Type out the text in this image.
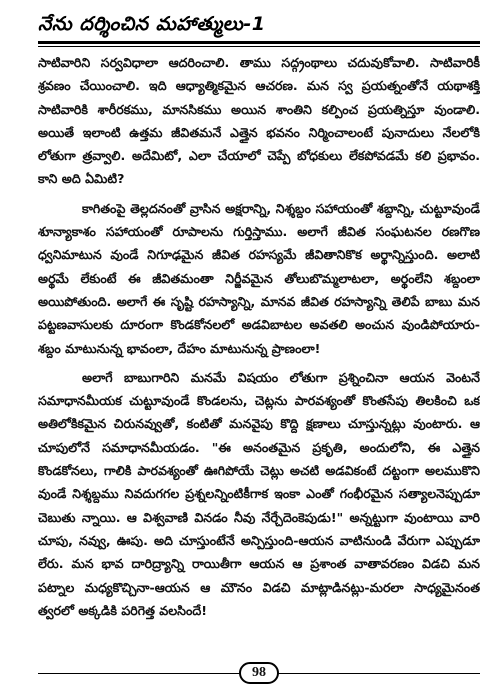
నేను దర్శించిన మహాత్ములు-1

సాటివారిని సర్వవిధాలా ఆదరించాలి. తాము సద్గ్రంథాలు చదువుకోవాలి. సాటివారికీ శ్రవణం చేయించాలి. ఇది ఆధ్యాత్మికమైన ఆచరణ. మన స్వ ప్రయత్నంతోనే యథాశక్తి సాటివారికి శారీరకము, మానసికము అయిన శాంతిని కల్పించ ప్రయత్నిస్తూ వుండాలి. అయితే ఇలాంటి ఉత్తమ జీవితమనే ఎత్తైన భవనం నిర్మించాలంటే పునాదులు నేలలోకి లోతుగా త్రవ్వాలి. అదేమిటో, ఎలా చేయాలో చెప్పే బోధకులు లేకపోవడమే కలి ప్రభావం. కాని అది ఏమిటి?

కాగితంపై తెల్లదనంతో వ్రాసిన అక్షరాన్ని, నిశ్శబ్దం సహాయంతో శబ్దాన్ని, చుట్టూవుండే శూన్యాకాశం సహాయంతో రూపాలను గుర్తిస్తాము. అలాగే జీవిత సంఘటనల రణగొణ ధ్వనిమాటున వుండే నిగూఢమైన జీవిత రహస్యమే జీవితానికొక అర్థాన్నిస్తుంది. అలాటి అర్థమే లేకుంటే ఈ జీవితమంతా నిర్జీవమైన తోలుబొమ్మలాటలా, అర్థంలేని శబ్దంలా అయిపోతుంది. అలాగే ఈ సృష్టి రహస్యాన్ని, మానవ జీవిత రహస్యాన్ని తెలిపే బాబు మన పట్టణవాసులకు దూరంగా కొండకోనలలో అడవిబాటల అవతలి అంచున వుండిపోయారు-శబ్దం మాటునున్న భావంలా, దేహం మాటునున్న ప్రాణంలా!

అలాగే బాబుగారిని మనమే విషయం లోతుగా ప్రశ్నించినా ఆయన వెంటనే సమాధానమీయక చుట్టూవుండే కొండలను, చెట్లను పారవశ్యంతో కొంతసేపు తిలకించి ఒక అతిలోకికమైన చిరునవ్వుతో, కంటితో మనవైపు కొద్ది క్షణాలు చూస్తున్నట్లు వుంటారు. ఆ చూపులోనే సమాధానమీయడం. "ఈ అనంతమైన ప్రకృతి, అందులోని, ఈ ఎత్తైన కొండకోనలు, గాలికి పారవశ్యంతో ఊగిపోయే చెట్లు అచటి అడవికంటే దట్టంగా అలముకొని వుండే నిశ్శబ్దము నివదుగగల ప్రశ్నలన్నింటికీగాక ఇంకా ఎంతో గంభీరమైన సత్యాలనెప్పుడూ చెబుతు న్నాయి. ఆ విశ్వవాణి వినడం నీవు నేర్చేదెంకెపుడు!" అన్నట్టుగా వుంటాయి వారి చూపు, నవ్వు, ఊపు. అది చూస్తుంటేనే అన్పిస్తుంది-ఆయన వాటినుండి వేరుగా ఎప్పుడూ లేరు. మన భావ దారిద్ర్యాన్ని రాయితీగా ఆయన ఆ ప్రశాంత వాతావరణం విడచి మన పట్నాల మధ్యకొచ్చినా-ఆయన ఆ మౌనం విడచి మాట్లాడినట్లు-మరలా సాధ్యమైనంత త్వరలో అక్కడికి పరిగెత్త వలసిందే!

98
